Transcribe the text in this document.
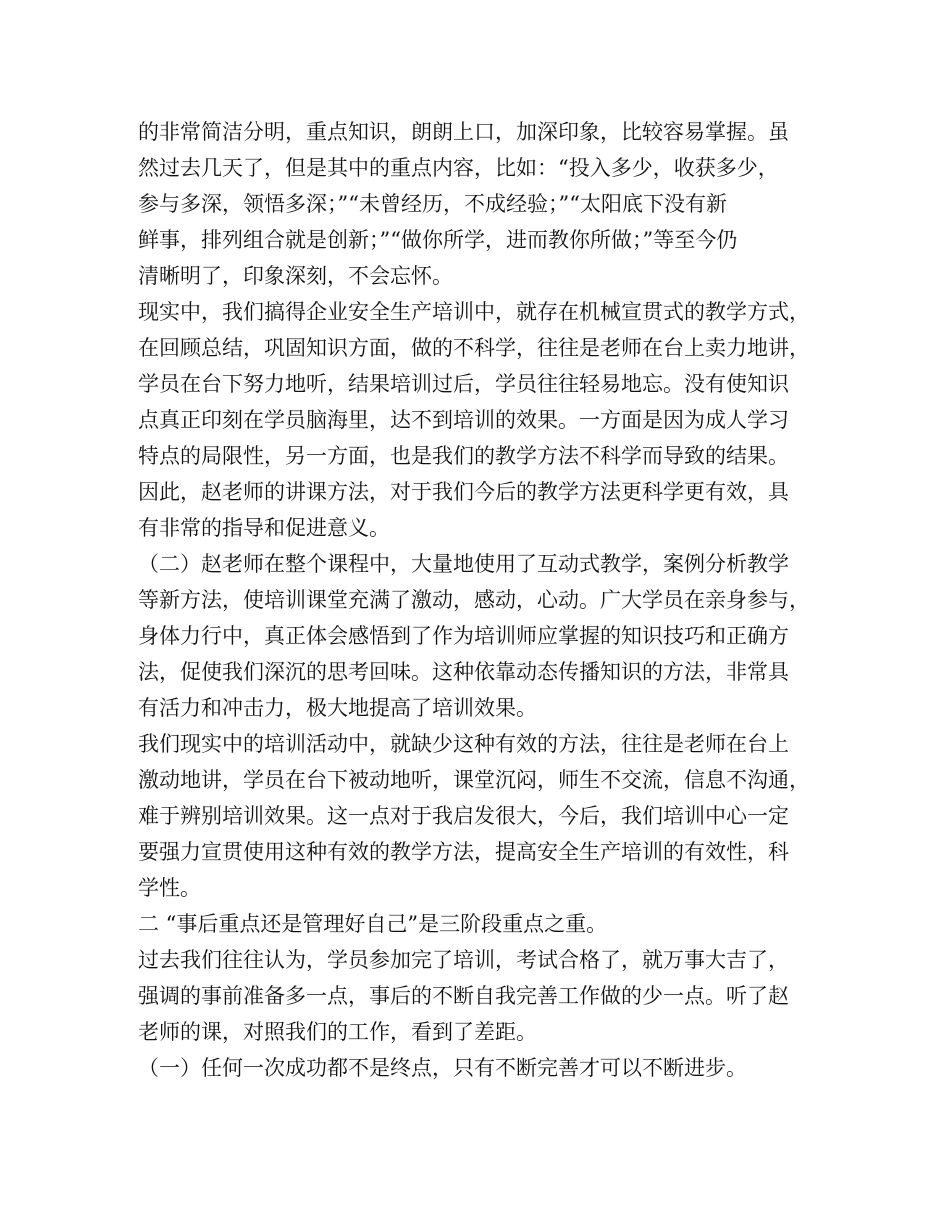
的非常简洁分明，重点知识，朗朗上口，加深印象，比较容易掌握。虽
然过去几天了，但是其中的重点内容，比如：“投入多少，收获多少，
参与多深，领悟多深；”“未曾经历，不成经验；”“太阳底下没有新
鲜事，排列组合就是创新；”“做你所学，进而教你所做；”等至今仍
清晰明了，印象深刻，不会忘怀。
现实中，我们搞得企业安全生产培训中，就存在机械宣贯式的教学方式，
在回顾总结，巩固知识方面，做的不科学，往往是老师在台上卖力地讲，
学员在台下努力地听，结果培训过后，学员往往轻易地忘。没有使知识
点真正印刻在学员脑海里，达不到培训的效果。一方面是因为成人学习
特点的局限性，另一方面，也是我们的教学方法不科学而导致的结果。
因此，赵老师的讲课方法，对于我们今后的教学方法更科学更有效，具
有非常的指导和促进意义。
（二）赵老师在整个课程中，大量地使用了互动式教学，案例分析教学
等新方法，使培训课堂充满了激动，感动，心动。广大学员在亲身参与，
身体力行中，真正体会感悟到了作为培训师应掌握的知识技巧和正确方
法，促使我们深沉的思考回味。这种依靠动态传播知识的方法，非常具
有活力和冲击力，极大地提高了培训效果。
我们现实中的培训活动中，就缺少这种有效的方法，往往是老师在台上
激动地讲，学员在台下被动地听，课堂沉闷，师生不交流，信息不沟通，
难于辨别培训效果。这一点对于我启发很大，今后，我们培训中心一定
要强力宣贯使用这种有效的教学方法，提高安全生产培训的有效性，科
学性。
二 “事后重点还是管理好自己”是三阶段重点之重。
过去我们往往认为，学员参加完了培训，考试合格了，就万事大吉了，
强调的事前准备多一点，事后的不断自我完善工作做的少一点。听了赵
老师的课，对照我们的工作，看到了差距。
（一）任何一次成功都不是终点，只有不断完善才可以不断进步。
